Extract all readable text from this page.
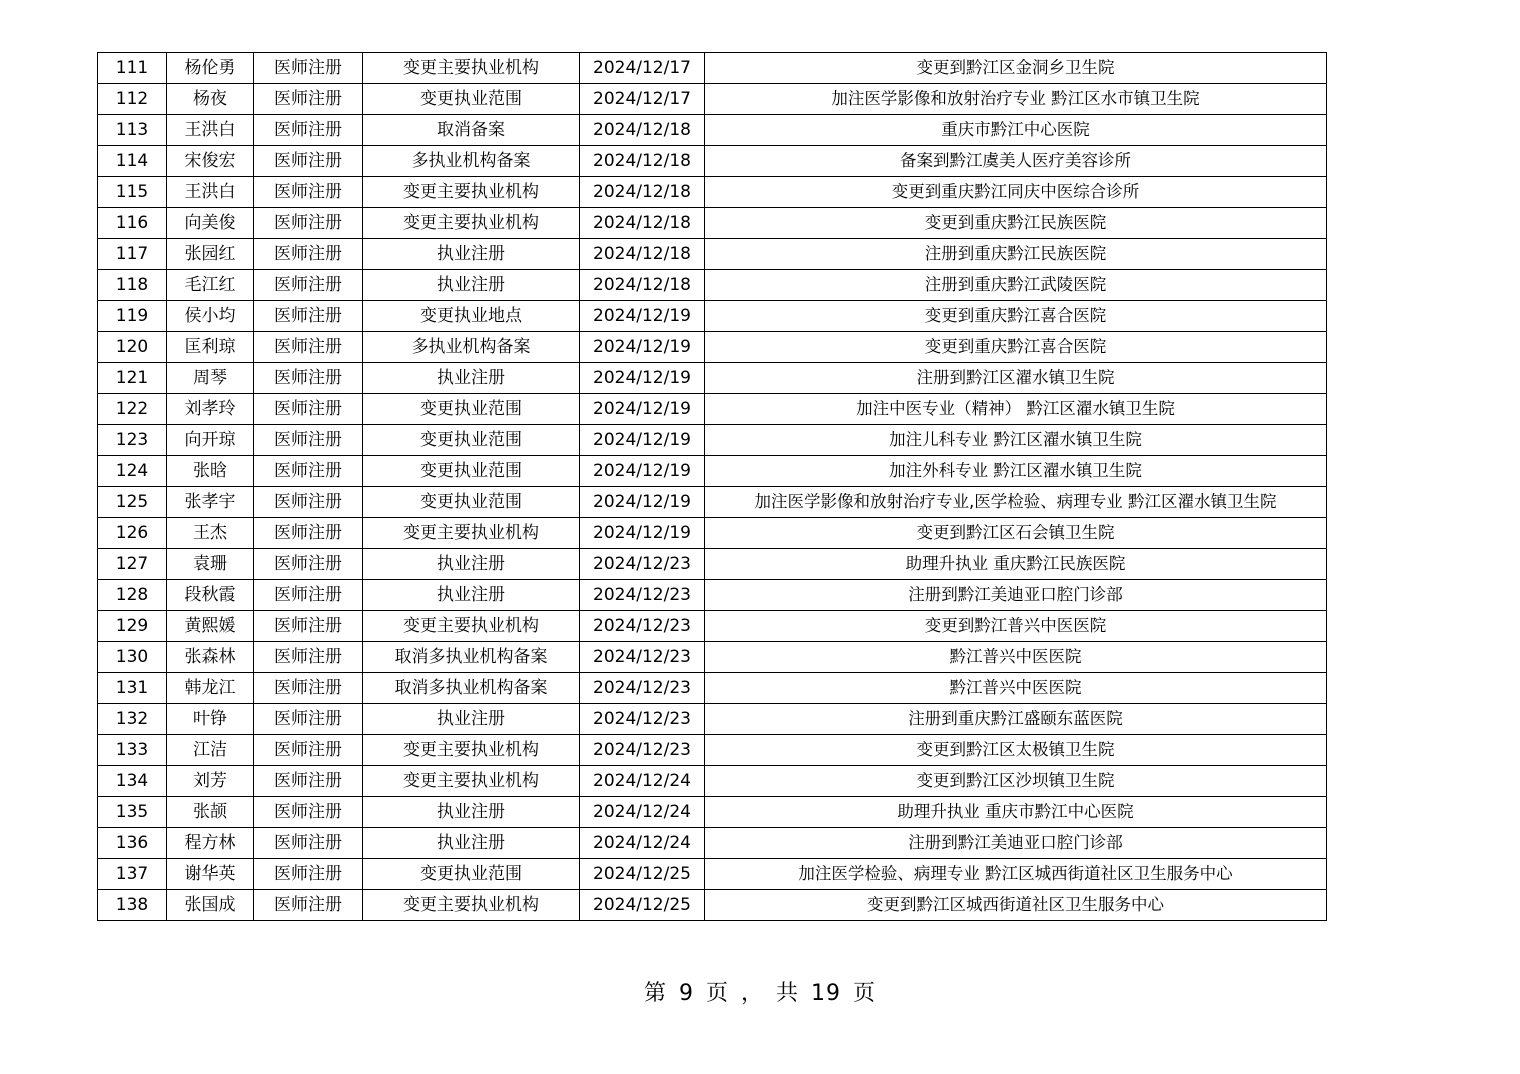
111	杨伦勇	医师注册	变更主要执业机构	2024/12/17	变更到黔江区金洞乡卫生院
112	杨夜	医师注册	变更执业范围	2024/12/17	加注医学影像和放射治疗专业 黔江区水市镇卫生院
113	王洪白	医师注册	取消备案	2024/12/18	重庆市黔江中心医院
114	宋俊宏	医师注册	多执业机构备案	2024/12/18	备案到黔江虞美人医疗美容诊所
115	王洪白	医师注册	变更主要执业机构	2024/12/18	变更到重庆黔江同庆中医综合诊所
116	向美俊	医师注册	变更主要执业机构	2024/12/18	变更到重庆黔江民族医院
117	张园红	医师注册	执业注册	2024/12/18	注册到重庆黔江民族医院
118	毛江红	医师注册	执业注册	2024/12/18	注册到重庆黔江武陵医院
119	侯小均	医师注册	变更执业地点	2024/12/19	变更到重庆黔江喜合医院
120	匡利琼	医师注册	多执业机构备案	2024/12/19	变更到重庆黔江喜合医院
121	周琴	医师注册	执业注册	2024/12/19	注册到黔江区濯水镇卫生院
122	刘孝玲	医师注册	变更执业范围	2024/12/19	加注中医专业（精神） 黔江区濯水镇卫生院
123	向开琼	医师注册	变更执业范围	2024/12/19	加注儿科专业 黔江区濯水镇卫生院
124	张晗	医师注册	变更执业范围	2024/12/19	加注外科专业 黔江区濯水镇卫生院
125	张孝宇	医师注册	变更执业范围	2024/12/19	加注医学影像和放射治疗专业,医学检验、病理专业 黔江区濯水镇卫生院
126	王杰	医师注册	变更主要执业机构	2024/12/19	变更到黔江区石会镇卫生院
127	袁珊	医师注册	执业注册	2024/12/23	助理升执业 重庆黔江民族医院
128	段秋霞	医师注册	执业注册	2024/12/23	注册到黔江美迪亚口腔门诊部
129	黄熙媛	医师注册	变更主要执业机构	2024/12/23	变更到黔江普兴中医医院
130	张森林	医师注册	取消多执业机构备案	2024/12/23	黔江普兴中医医院
131	韩龙江	医师注册	取消多执业机构备案	2024/12/23	黔江普兴中医医院
132	叶铮	医师注册	执业注册	2024/12/23	注册到重庆黔江盛颐东蓝医院
133	江洁	医师注册	变更主要执业机构	2024/12/23	变更到黔江区太极镇卫生院
134	刘芳	医师注册	变更主要执业机构	2024/12/24	变更到黔江区沙坝镇卫生院
135	张颉	医师注册	执业注册	2024/12/24	助理升执业 重庆市黔江中心医院
136	程方林	医师注册	执业注册	2024/12/24	注册到黔江美迪亚口腔门诊部
137	谢华英	医师注册	变更执业范围	2024/12/25	加注医学检验、病理专业 黔江区城西街道社区卫生服务中心
138	张国成	医师注册	变更主要执业机构	2024/12/25	变更到黔江区城西街道社区卫生服务中心
第 9 页 ， 共 19 页
